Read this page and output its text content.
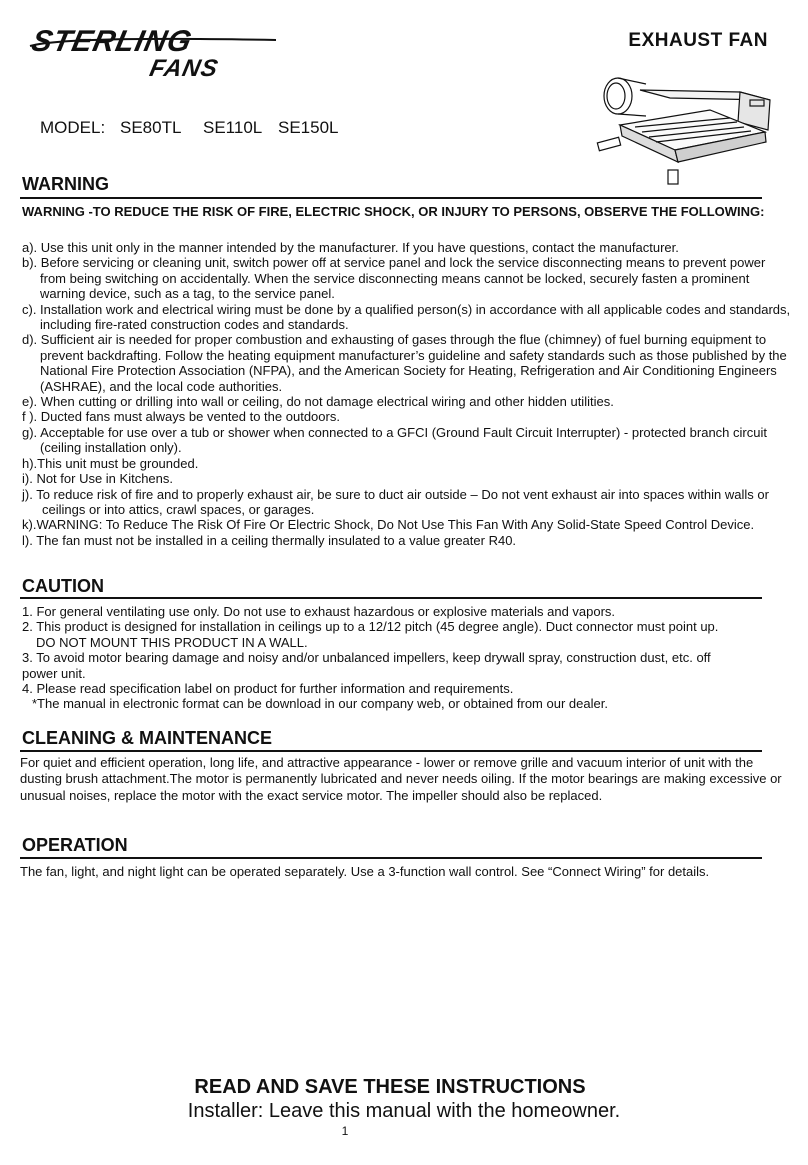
STERLING
FANS
EXHAUST FAN
MODEL: SE80TL SE110L SE150L
WARNING
WARNING -TO REDUCE THE RISK OF FIRE, ELECTRIC SHOCK, OR INJURY TO PERSONS, OBSERVE THE FOLLOWING:
a). Use this unit only in the manner intended by the manufacturer. If you have questions, contact the manufacturer.
b). Before servicing or cleaning unit, switch power off at service panel and lock the service disconnecting means to prevent power from being switching on accidentally. When the service disconnecting means cannot be locked, securely fasten a prominent warning device, such as a tag, to the service panel.
c). Installation work and electrical wiring must be done by a qualified person(s) in accordance with all applicable codes and standards, including fire-rated construction codes and standards.
d). Sufficient air is needed for proper combustion and exhausting of gases through the flue (chimney) of fuel burning equipment to prevent backdrafting. Follow the heating equipment manufacturer’s guideline and safety standards such as those published by the National Fire Protection Association (NFPA), and the American Society for Heating, Refrigeration and Air Conditioning Engineers (ASHRAE), and the local code authorities.
e). When cutting or drilling into wall or ceiling, do not damage electrical wiring and other hidden utilities.
f ). Ducted fans must always be vented to the outdoors.
g). Acceptable for use over a tub or shower when connected to a GFCI (Ground Fault Circuit Interrupter) - protected branch circuit (ceiling installation only).
h).This unit must be grounded.
i). Not for Use in Kitchens.
j). To reduce risk of fire and to properly exhaust air, be sure to duct air outside – Do not vent exhaust air into spaces within walls or ceilings or into attics, crawl spaces, or garages.
k).WARNING: To Reduce The Risk Of Fire Or Electric Shock, Do Not Use This Fan With Any Solid-State Speed Control Device.
l). The fan must not be installed in a ceiling thermally insulated to a value greater R40.
CAUTION
1. For general ventilating use only. Do not use to exhaust hazardous or explosive materials and vapors.
2. This product is designed for installation in ceilings up to a 12/12 pitch (45 degree angle). Duct connector must point up.
DO NOT MOUNT THIS PRODUCT IN A WALL.
3. To avoid motor bearing damage and noisy and/or unbalanced impellers, keep drywall spray, construction dust, etc. off
power unit.
4. Please read specification label on product for further information and requirements.
*The manual in electronic format can be download in our company web, or obtained from our dealer.
CLEANING & MAINTENANCE
For quiet and efficient operation, long life, and attractive appearance - lower or remove grille and vacuum interior of unit with the dusting brush attachment.The motor is permanently lubricated and never needs oiling. If the motor bearings are making excessive or unusual noises, replace the motor with the exact service motor. The impeller should also be replaced.
OPERATION
The fan, light, and night light can be operated separately. Use a 3-function wall control. See “Connect Wiring” for details.
READ AND SAVE THESE INSTRUCTIONS
Installer: Leave this manual with the homeowner.
1
